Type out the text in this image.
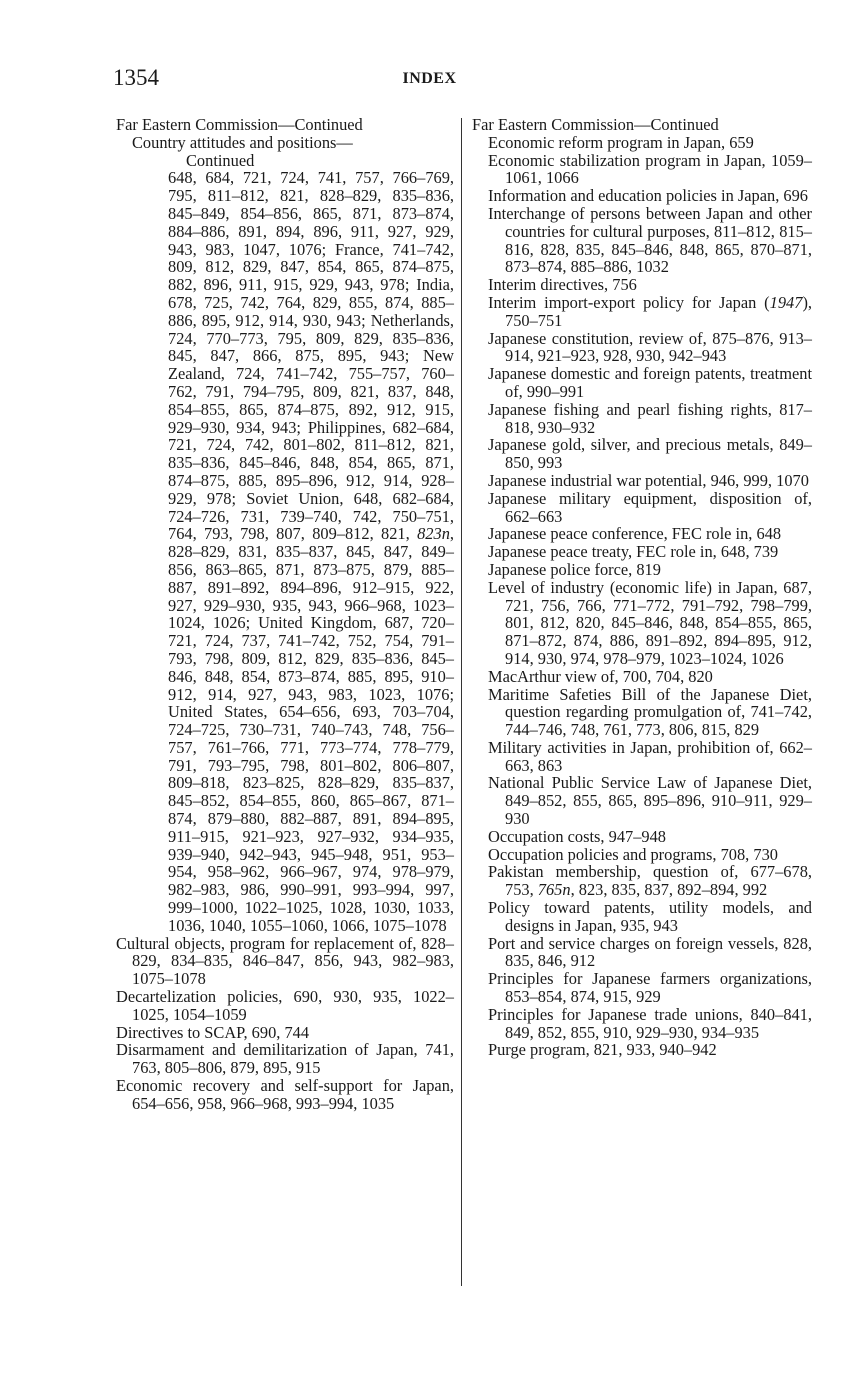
1354	INDEX

Far Eastern Commission—Continued

Country attitudes and positions—

Continued

648, 684, 721, 724, 741, 757, 766–769, 795, 811–812, 821, 828–829, 835–836, 845–849, 854–856, 865, 871, 873–874, 884–886, 891, 894, 896, 911, 927, 929, 943, 983, 1047, 1076; France, 741–742, 809, 812, 829, 847, 854, 865, 874–875, 882, 896, 911, 915, 929, 943, 978; India, 678, 725, 742, 764, 829, 855, 874, 885–886, 895, 912, 914, 930, 943; Netherlands, 724, 770–773, 795, 809, 829, 835–836, 845, 847, 866, 875, 895, 943; New Zealand, 724, 741–742, 755–757, 760–762, 791, 794–795, 809, 821, 837, 848, 854–855, 865, 874–875, 892, 912, 915, 929–930, 934, 943; Philippines, 682–684, 721, 724, 742, 801–802, 811–812, 821, 835–836, 845–846, 848, 854, 865, 871, 874–875, 885, 895–896, 912, 914, 928–929, 978; Soviet Union, 648, 682–684, 724–726, 731, 739–740, 742, 750–751, 764, 793, 798, 807, 809–812, 821, 823n, 828–829, 831, 835–837, 845, 847, 849–856, 863–865, 871, 873–875, 879, 885–887, 891–892, 894–896, 912–915, 922, 927, 929–930, 935, 943, 966–968, 1023–1024, 1026; United Kingdom, 687, 720–721, 724, 737, 741–742, 752, 754, 791–793, 798, 809, 812, 829, 835–836, 845–846, 848, 854, 873–874, 885, 895, 910–912, 914, 927, 943, 983, 1023, 1076; United States, 654–656, 693, 703–704, 724–725, 730–731, 740–743, 748, 756–757, 761–766, 771, 773–774, 778–779, 791, 793–795, 798, 801–802, 806–807, 809–818, 823–825, 828–829, 835–837, 845–852, 854–855, 860, 865–867, 871–874, 879–880, 882–887, 891, 894–895, 911–915, 921–923, 927–932, 934–935, 939–940, 942–943, 945–948, 951, 953–954, 958–962, 966–967, 974, 978–979, 982–983, 986, 990–991, 993–994, 997, 999–1000, 1022–1025, 1028, 1030, 1033, 1036, 1040, 1055–1060, 1066, 1075–1078

Cultural objects, program for replacement of, 828–829, 834–835, 846–847, 856, 943, 982–983, 1075–1078

Decartelization policies, 690, 930, 935, 1022–1025, 1054–1059

Directives to SCAP, 690, 744

Disarmament and demilitarization of Japan, 741, 763, 805–806, 879, 895, 915

Economic recovery and self-support for Japan, 654–656, 958, 966–968, 993–994, 1035

Far Eastern Commission—Continued

Economic reform program in Japan, 659

Economic stabilization program in Japan, 1059–1061, 1066

Information and education policies in Japan, 696

Interchange of persons between Japan and other countries for cultural purposes, 811–812, 815–816, 828, 835, 845–846, 848, 865, 870–871, 873–874, 885–886, 1032

Interim directives, 756

Interim import-export policy for Japan (1947), 750–751

Japanese constitution, review of, 875–876, 913–914, 921–923, 928, 930, 942–943

Japanese domestic and foreign patents, treatment of, 990–991

Japanese fishing and pearl fishing rights, 817–818, 930–932

Japanese gold, silver, and precious metals, 849–850, 993

Japanese industrial war potential, 946, 999, 1070

Japanese military equipment, disposition of, 662–663

Japanese peace conference, FEC role in, 648

Japanese peace treaty, FEC role in, 648, 739

Japanese police force, 819

Level of industry (economic life) in Japan, 687, 721, 756, 766, 771–772, 791–792, 798–799, 801, 812, 820, 845–846, 848, 854–855, 865, 871–872, 874, 886, 891–892, 894–895, 912, 914, 930, 974, 978–979, 1023–1024, 1026

MacArthur view of, 700, 704, 820

Maritime Safeties Bill of the Japanese Diet, question regarding promulgation of, 741–742, 744–746, 748, 761, 773, 806, 815, 829

Military activities in Japan, prohibition of, 662–663, 863

National Public Service Law of Japanese Diet, 849–852, 855, 865, 895–896, 910–911, 929–930

Occupation costs, 947–948

Occupation policies and programs, 708, 730

Pakistan membership, question of, 677–678, 753, 765n, 823, 835, 837, 892–894, 992

Policy toward patents, utility models, and designs in Japan, 935, 943

Port and service charges on foreign vessels, 828, 835, 846, 912

Principles for Japanese farmers organizations, 853–854, 874, 915, 929

Principles for Japanese trade unions, 840–841, 849, 852, 855, 910, 929–930, 934–935

Purge program, 821, 933, 940–942
